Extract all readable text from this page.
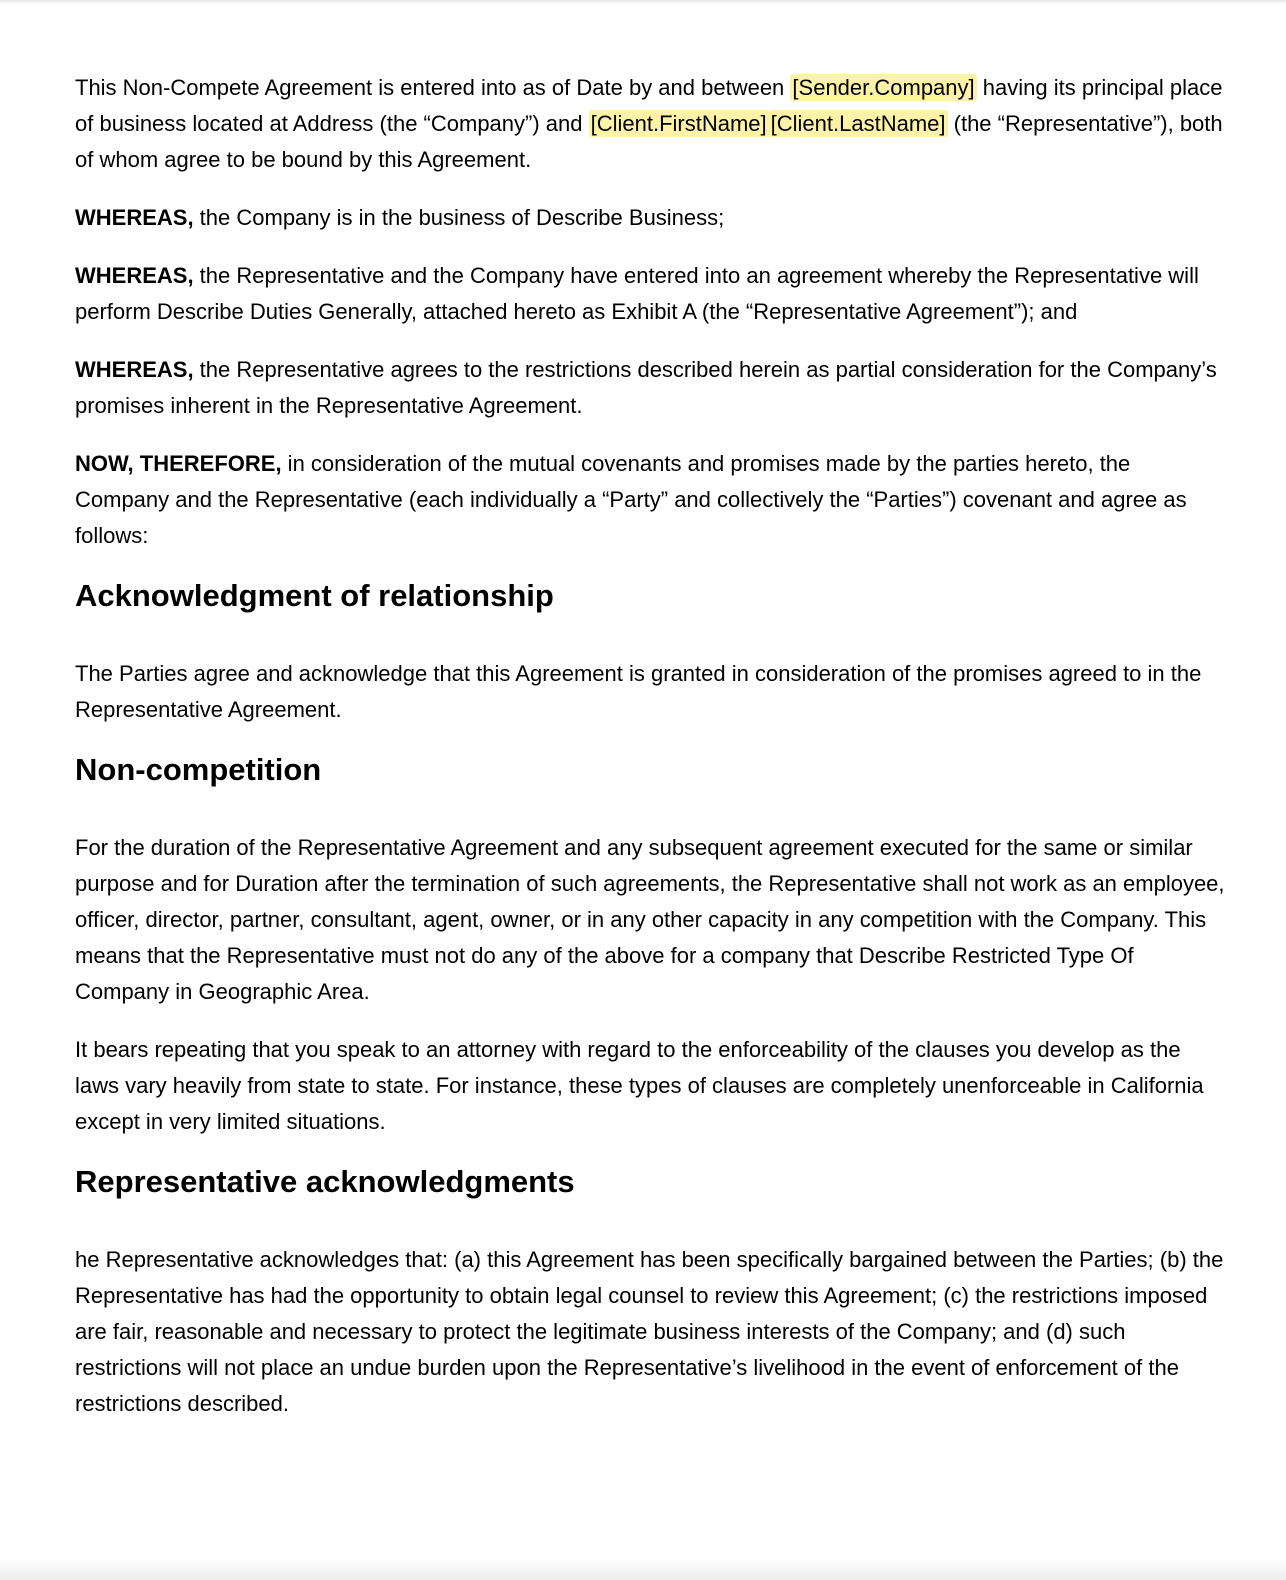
This Non-Compete Agreement is entered into as of Date by and between [Sender.Company] having its principal place of business located at Address (the “Company”) and [Client.FirstName] [Client.LastName] (the “Representative”), both of whom agree to be bound by this Agreement.

WHEREAS, the Company is in the business of Describe Business;

WHEREAS, the Representative and the Company have entered into an agreement whereby the Representative will perform Describe Duties Generally, attached hereto as Exhibit A (the “Representative Agreement”); and

WHEREAS, the Representative agrees to the restrictions described herein as partial consideration for the Company’s promises inherent in the Representative Agreement.

NOW, THEREFORE, in consideration of the mutual covenants and promises made by the parties hereto, the Company and the Representative (each individually a “Party” and collectively the “Parties”) covenant and agree as follows:

Acknowledgment of relationship

The Parties agree and acknowledge that this Agreement is granted in consideration of the promises agreed to in the Representative Agreement.

Non-competition

For the duration of the Representative Agreement and any subsequent agreement executed for the same or similar purpose and for Duration after the termination of such agreements, the Representative shall not work as an employee, officer, director, partner, consultant, agent, owner, or in any other capacity in any competition with the Company. This means that the Representative must not do any of the above for a company that Describe Restricted Type Of Company in Geographic Area.

It bears repeating that you speak to an attorney with regard to the enforceability of the clauses you develop as the laws vary heavily from state to state. For instance, these types of clauses are completely unenforceable in California except in very limited situations.

Representative acknowledgments

he Representative acknowledges that: (a) this Agreement has been specifically bargained between the Parties; (b) the Representative has had the opportunity to obtain legal counsel to review this Agreement; (c) the restrictions imposed are fair, reasonable and necessary to protect the legitimate business interests of the Company; and (d) such restrictions will not place an undue burden upon the Representative’s livelihood in the event of enforcement of the restrictions described.
